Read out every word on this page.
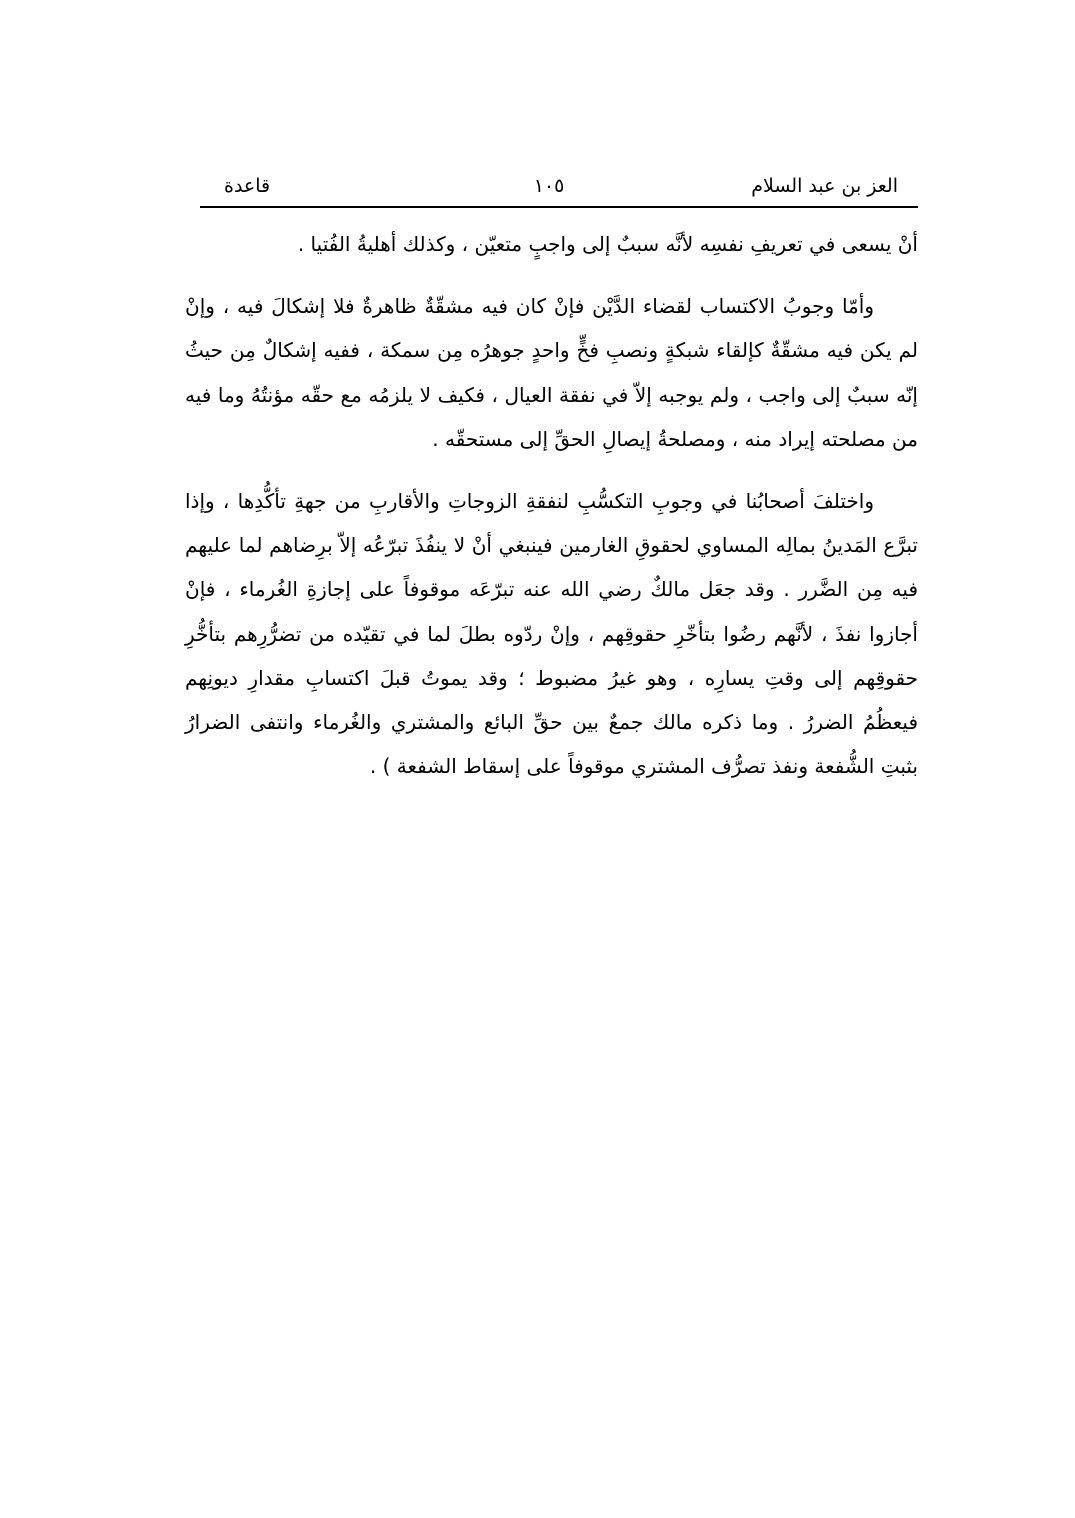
العز بن عبد السلام
١٠٥
قاعدة

أنْ يسعى في تعريفِ نفسِه لأنَّه سببٌ إلى واجبٍ متعيّن ، وكذلك أهليةُ الفُتيا .

وأمّا وجوبُ الاكتساب لقضاء الدَّيْن فإنْ كان فيه مشقّةٌ ظاهرةٌ فلا إشكالَ فيه ، وإنْ لم يكن فيه مشقّةٌ كإلقاء شبكةٍ ونصبِ فخٍّ واحدٍ جوهرُه مِن سمكة ، ففيه إشكالٌ مِن حيثُ إنّه سببٌ إلى واجب ، ولم يوجبه إلاّ في نفقة العيال ، فكيف لا يلزمُه مع حقّه مؤنتُهُ وما فيه من مصلحته إيراد منه ، ومصلحةُ إيصالِ الحقِّ إلى مستحقّه .

واختلفَ أصحابُنا في وجوبِ التكسُّبِ لنفقةِ الزوجاتِ والأقاربِ من جهةِ تأكُّدِها ، وإذا تبرَّع المَدينُ بمالِه المساوي لحقوقِ الغارمين فينبغي أنْ لا ينفُذَ تبرّعُه إلاّ برِضاهم لما عليهم فيه مِن الضَّرر . وقد جعَل مالكٌ رضي الله عنه تبرّعَه موقوفاً على إجازةِ الغُرماء ، فإنْ أجازوا نفذَ ، لأنَّهم رضُوا بتأخّرِ حقوقِهم ، وإنْ ردّوه بطلَ لما في تقيّده من تضرُّرِهم بتأخُّرِ حقوقِهم إلى وقتِ يسارِه ، وهو غيرُ مضبوط ؛ وقد يموتُ قبلَ اكتسابِ مقدارِ ديونِهم فيعظُمُ الضررُ . وما ذكره مالك جمعٌ بين حقِّ البائع والمشتري والغُرماء وانتفى الضرارُ بثبتِ الشُّفعة ونفذ تصرُّف المشتري موقوفاً على إسقاط الشفعة ) .
